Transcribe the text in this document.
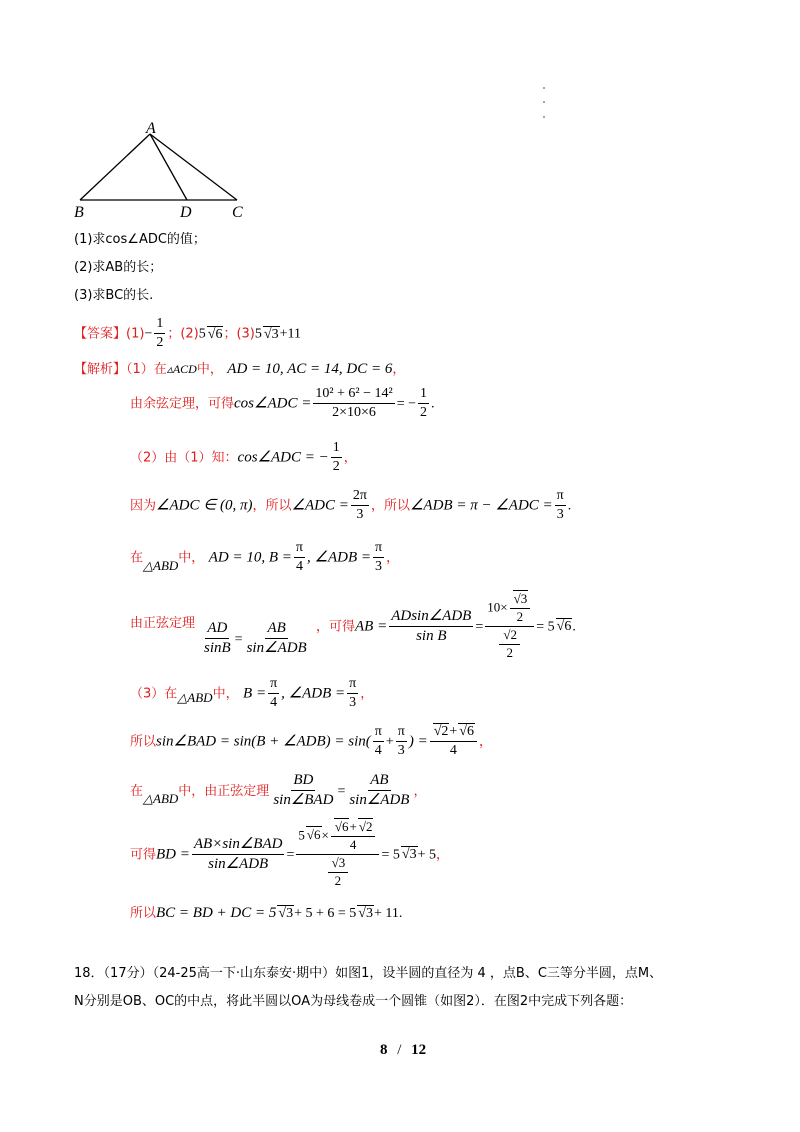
A
B	D	C
(1)求cos∠ADC的值；
(2)求AB的长；
(3)求BC的长.
【答案】$(1)- \frac{1}{2}$ ；(2)5 √6；(3)5 √3+11
【解析】（1）在▵ACD中， AD = 10, AC = 14, DC = 6，
由余弦定理，可得cos∠ADC = $\frac{\text{10² + 6² − 14²}}{2\times 10\times 6}$ = − $\frac{1}{2}$ .
（2）由（1）知：cos∠ADC = − $\frac{1}{2}$ ，
因为∠ADC ∈ (0, π)，所以∠ADC = $\frac{2\pi}{3}$ ，所以∠ADB = π − ∠ADC = $\frac{\pi}{3}$ .
在△ABD中， AD = 10, $B = \frac{\pi}{4}$ , ∠ADB = $\frac{\pi}{3}$ ，
由正弦定理 $\frac{AD}{\sin B} = \frac{AB}{\text{sin∠ADB}}$ ，可得AB = $\frac{\text{ADsin∠ADB}}{\text{sin B}} = \frac{10\times \frac{√3}{2}}{\frac{√2}{2}} = 5$ √6.
（3）在△ABD中， $B = \frac{\pi}{4}$ , ∠ADB = $\frac{\pi}{3}$ ，
所以sin∠BAD = sin(B + ∠ADB) = $\sin( \frac{\pi}{4} + \frac{\pi}{3}$ ) = $\frac{√2+ √6}{4}$ ，
在△ABD中，由正弦定理 $\frac{BD}{\text{sin∠BAD}} = \frac{AB}{\text{sin∠ADB}}$ ，
可得BD = $\frac{\text{AB×sin∠BAD}}{\text{sin∠ADB}} = \frac{5 √6\times \frac{√6+ √2}{4}}{\frac{√3}{2}} = 5$ √3+ 5，
所以BC = BD + DC = 5 √3+ 5 + 6 = 5 √3+ 11.
18．（17分）（24-25高一下·山东泰安·期中）如图1，设半圆的直径为 4 ，点B、C三等分半圆，点M、
N分别是OB、OC的中点，将此半圆以OA为母线卷成一个圆锥（如图2）．在图2中完成下列各题：
8 / 12
